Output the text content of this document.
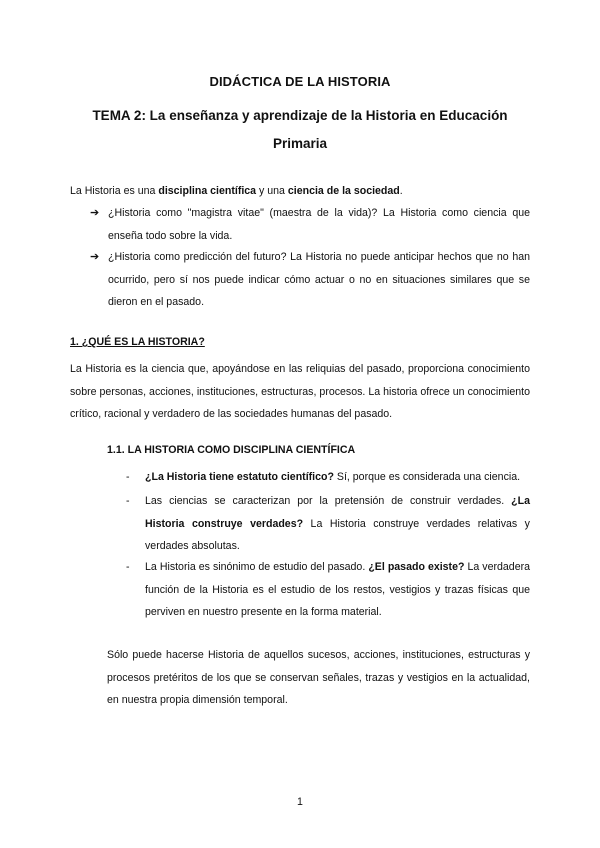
DIDÁCTICA DE LA HISTORIA
TEMA 2: La enseñanza y aprendizaje de la Historia en Educación Primaria
La Historia es una disciplina científica y una ciencia de la sociedad.
➔ ¿Historia como "magistra vitae" (maestra de la vida)? La Historia como ciencia que enseña todo sobre la vida.
➔ ¿Historia como predicción del futuro? La Historia no puede anticipar hechos que no han ocurrido, pero sí nos puede indicar cómo actuar o no en situaciones similares que se dieron en el pasado.
1. ¿QUÉ ES LA HISTORIA?
La Historia es la ciencia que, apoyándose en las reliquias del pasado, proporciona conocimiento sobre personas, acciones, instituciones, estructuras, procesos. La historia ofrece un conocimiento crítico, racional y verdadero de las sociedades humanas del pasado.
1.1. LA HISTORIA COMO DISCIPLINA CIENTÍFICA
- ¿La Historia tiene estatuto científico? Sí, porque es considerada una ciencia.
- Las ciencias se caracterizan por la pretensión de construir verdades. ¿La Historia construye verdades? La Historia construye verdades relativas y verdades absolutas.
- La Historia es sinónimo de estudio del pasado. ¿El pasado existe? La verdadera función de la Historia es el estudio de los restos, vestigios y trazas físicas que perviven en nuestro presente en la forma material.
Sólo puede hacerse Historia de aquellos sucesos, acciones, instituciones, estructuras y procesos pretéritos de los que se conservan señales, trazas y vestigios en la actualidad, en nuestra propia dimensión temporal.
1
